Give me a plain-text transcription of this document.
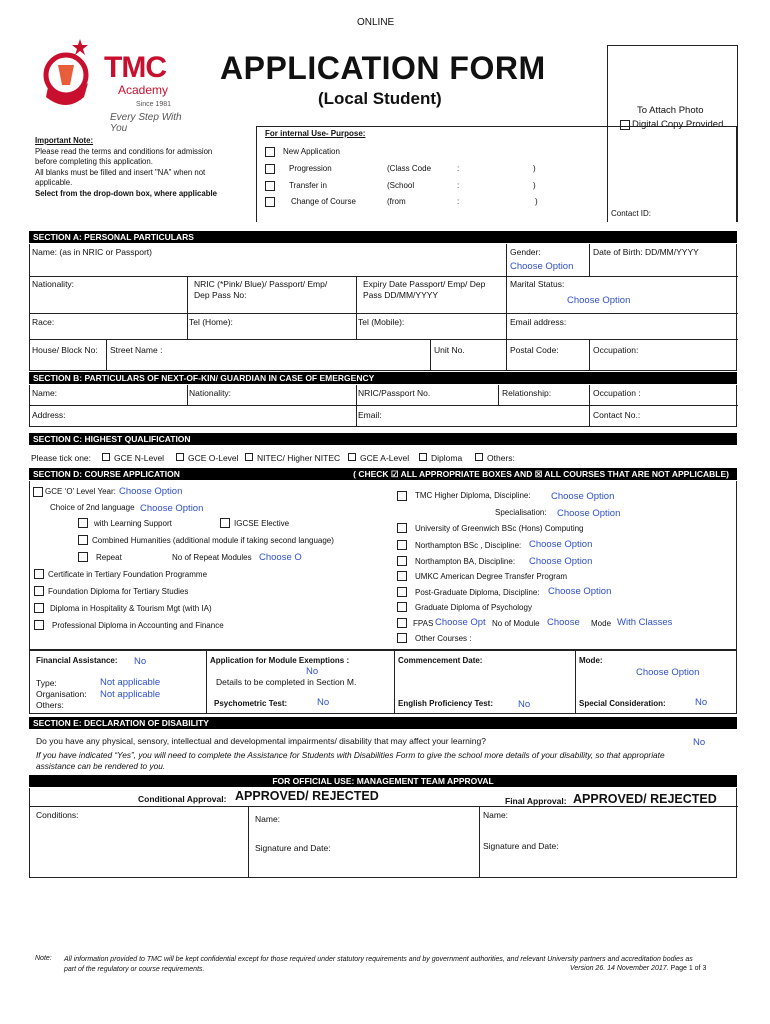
ONLINE
TMC
Academy
Since 1981
Every Step With You
APPLICATION FORM
(Local Student)
To Attach Photo
Digital Copy Provided
Important Note:
Please read the terms and conditions for admission
before completing this application.
All blanks must be filled and insert "NA" when not
applicable.
Select from the drop-down box, where applicable
For internal Use- Purpose:
New Application
Progression	(Class Code	:	)
Transfer in	(School	:	)
Change of Course	(from	:	)
Contact ID:
SECTION A: PERSONAL PARTICULARS
Name: (as in NRIC or Passport)	Gender:
Choose Option
Date of Birth: DD/MM/YYYY
Nationality:	NRIC (*Pink/ Blue)/ Passport/ Emp/
Dep Pass No:
Expiry Date Passport/ Emp/ Dep
Pass DD/MM/YYYY
Marital Status:
Choose Option
Race:	Tel (Home):	Tel (Mobile):	Email address:
House/ Block No: Street Name :	Unit No.	Postal Code:	Occupation:
SECTION B: PARTICULARS OF NEXT-OF-KIN/ GUARDIAN IN CASE OF EMERGENCY
Name:	Nationality:	NRIC/Passport No.	Relationship:	Occupation :
Address:	Email:	Contact No.:
SECTION C: HIGHEST QUALIFICATION
Please tick one:	GCE N-Level	GCE O-Level NITEC/ Higher NITEC GCE A-Level	Diploma	Others:
SECTION D: COURSE APPLICATION	( CHECK ☑ ALL APPROPRIATE BOXES AND ☒ ALL COURSES THAT ARE NOT APPLICABLE)
GCE ‘O’ Level Year: Choose Option
Choice of 2nd language Choose Option
with Learning Support	IGCSE Elective
Combined Humanities (additional module if taking second language)
Repeat	No of Repeat Modules Choose O
Certificate in Tertiary Foundation Programme
Foundation Diploma for Tertiary Studies
Diploma in Hospitality & Tourism Mgt (with IA)
Professional Diploma in Accounting and Finance
TMC Higher Diploma, Discipline: Choose Option
Specialisation: Choose Option
University of Greenwich BSc (Hons) Computing
Northampton BSc , Discipline: Choose Option
Northampton BA, Discipline: Choose Option
UMKC American Degree Transfer Program
Post-Graduate Diploma, Discipline: Choose Option
Graduate Diploma of Psychology
FPAS Choose Opt No of Module Choose Mode With Classes
Other Courses :
Financial Assistance: No
Type:	Not applicable
Organisation: Not applicable
Others:
Application for Module Exemptions :
No
Details to be completed in Section M.
Psychometric Test:	No
Commencement Date:
English Proficiency Test:	No
Mode:
Choose Option
Special Consideration:	No
SECTION E: DECLARATION OF DISABILITY
Do you have any physical, sensory, intellectual and developmental impairments/ disability that may affect your learning?	No
If you have indicated “Yes”, you will need to complete the Assistance for Students with Disabilities Form to give the school more details of your disability, so that appropriate
assistance can be rendered to you.
FOR OFFICIAL USE: MANAGEMENT TEAM APPROVAL
Conditional Approval: APPROVED/ REJECTED	Final Approval: APPROVED/ REJECTED
Conditions:	Name:	Name:
Signature and Date:	Signature and Date:
Note: All information provided to TMC will be kept confidential except for those required under statutory requirements and by government authorities, and relevant University partners and accreditation bodies as
part of the regulatory or course requirements.	Version 26. 14 November 2017. Page 1 of 3
